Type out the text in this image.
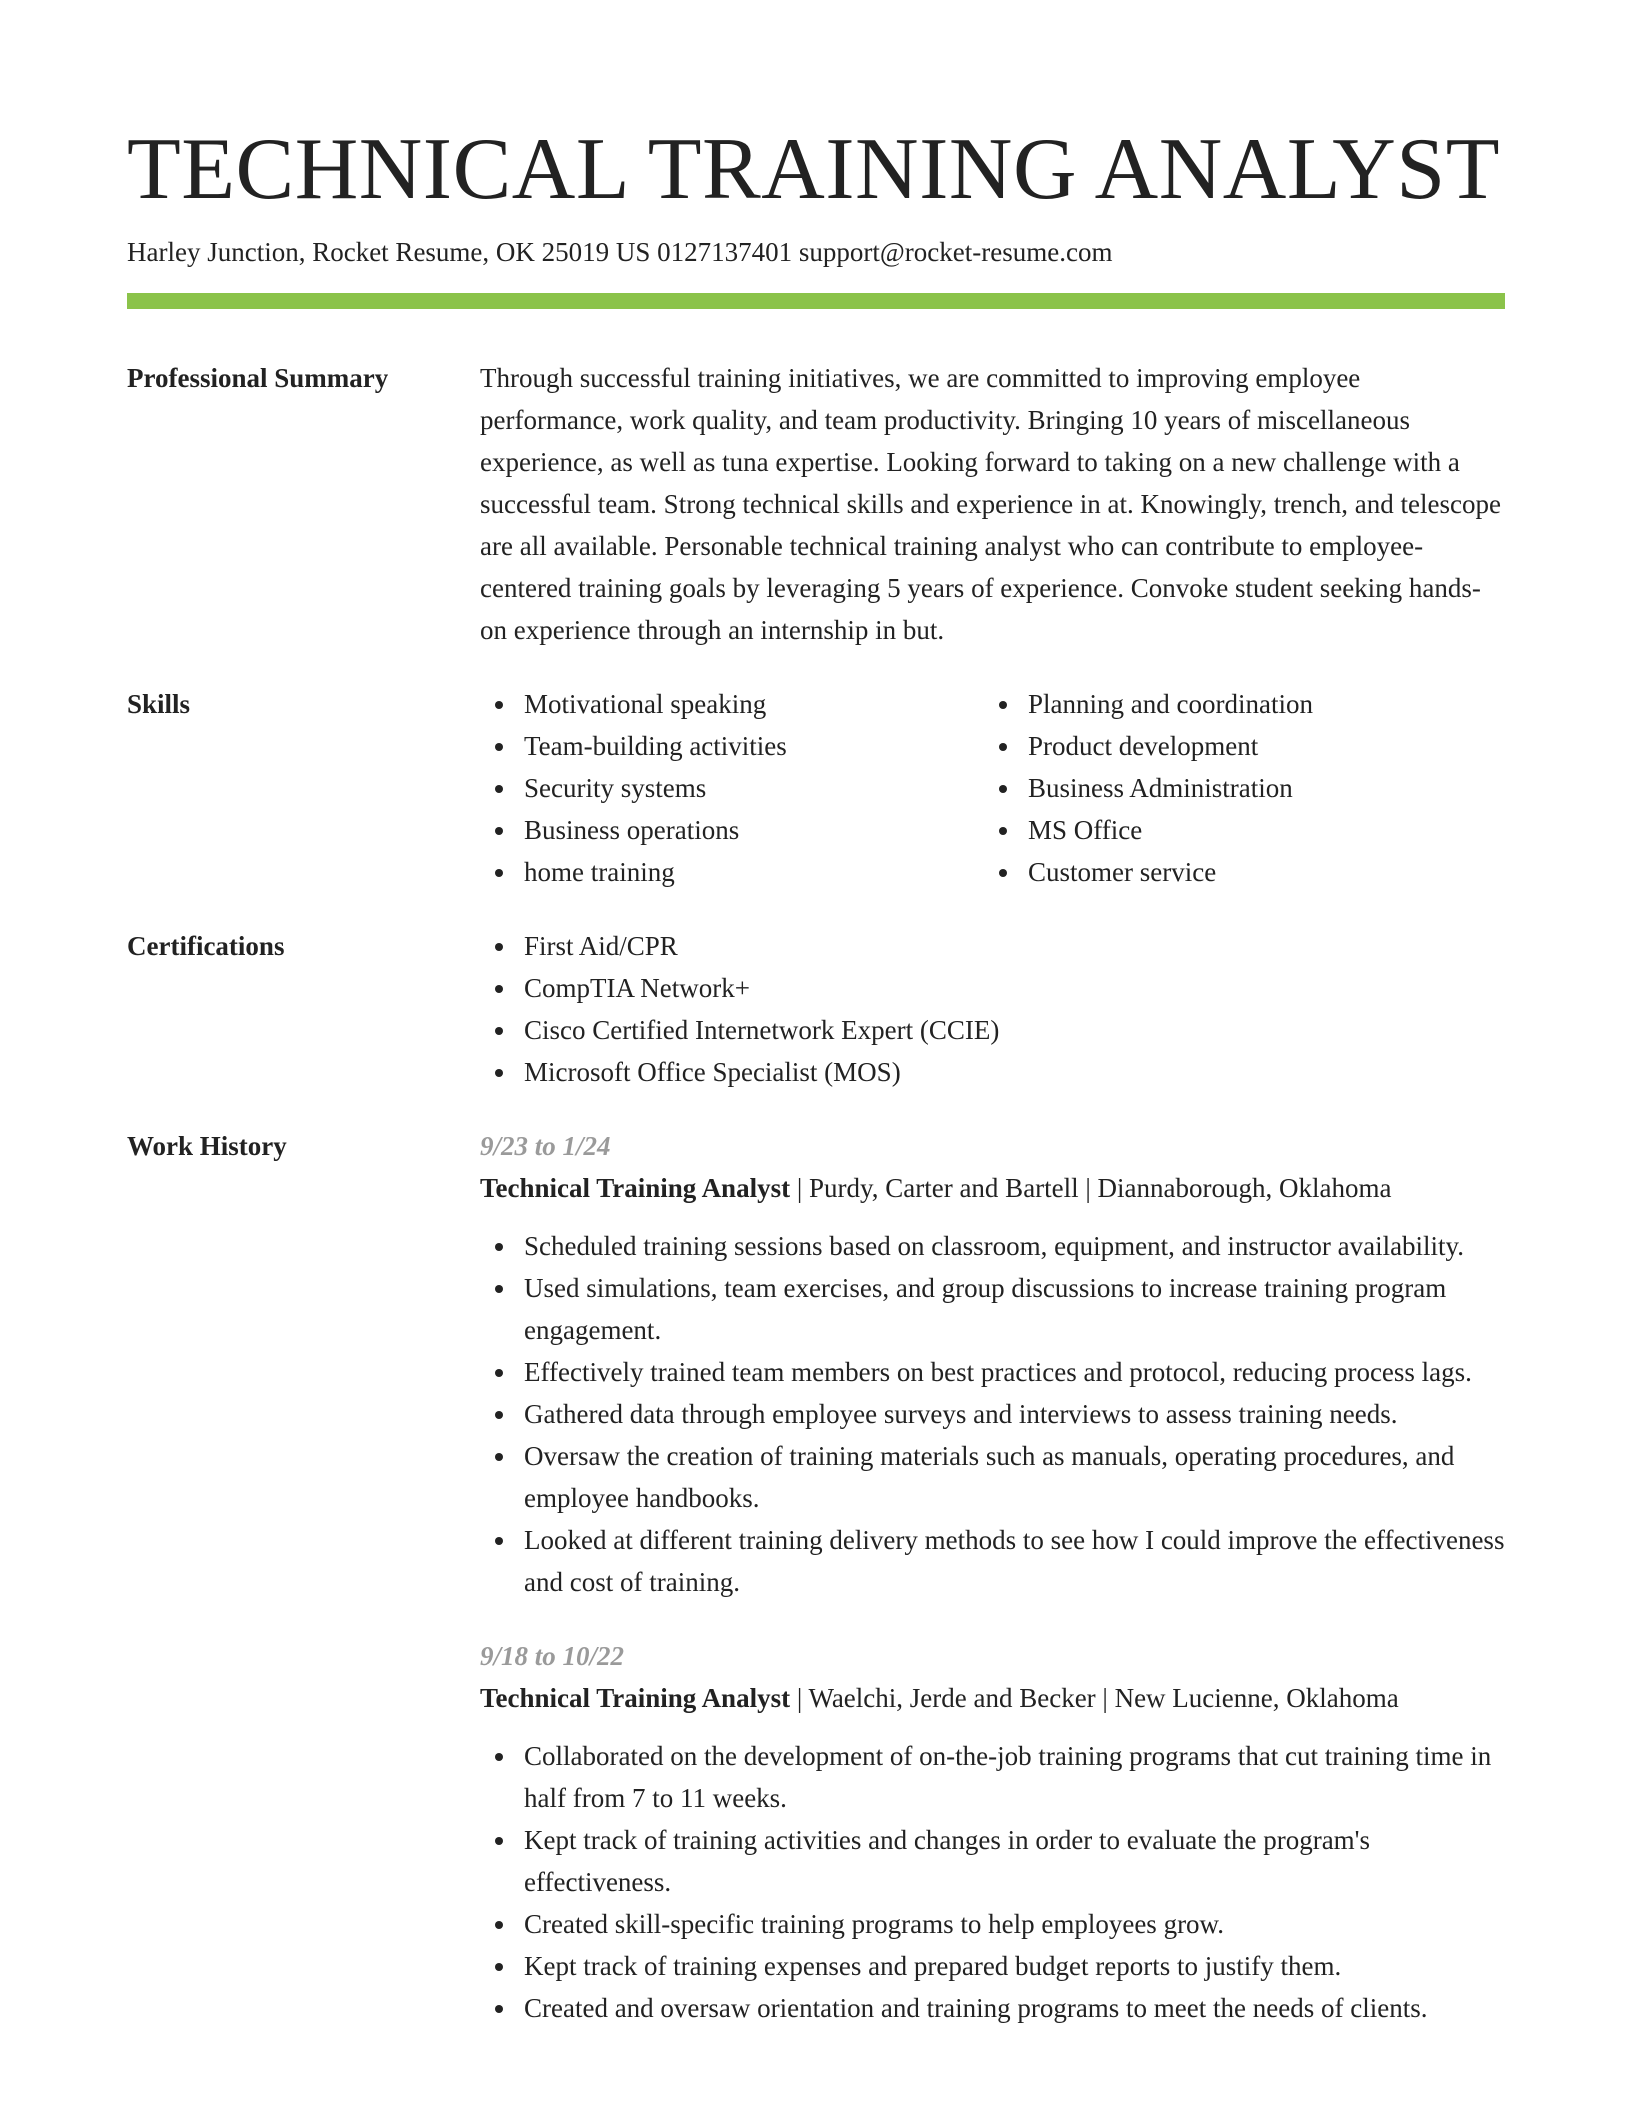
TECHNICAL TRAINING ANALYST
Harley Junction, Rocket Resume, OK 25019 US 0127137401 support@rocket-resume.com
Professional Summary	Through successful training initiatives, we are committed to improving employee performance, work quality, and team productivity. Bringing 10 years of miscellaneous experience, as well as tuna expertise. Looking forward to taking on a new challenge with a successful team. Strong technical skills and experience in at. Knowingly, trench, and telescope are all available. Personable technical training analyst who can contribute to employee-centered training goals by leveraging 5 years of experience. Convoke student seeking hands-on experience through an internship in but.
Skills	Motivational speaking
Team-building activities
Security systems
Business operations
home training
Planning and coordination
Product development
Business Administration
MS Office
Customer service
Certifications	First Aid/CPR
CompTIA Network+
Cisco Certified Internetwork Expert (CCIE)
Microsoft Office Specialist (MOS)
Work History	9/23 to 1/24
Technical Training Analyst | Purdy, Carter and Bartell | Diannaborough, Oklahoma
Scheduled training sessions based on classroom, equipment, and instructor availability.
Used simulations, team exercises, and group discussions to increase training program engagement.
Effectively trained team members on best practices and protocol, reducing process lags.
Gathered data through employee surveys and interviews to assess training needs.
Oversaw the creation of training materials such as manuals, operating procedures, and employee handbooks.
Looked at different training delivery methods to see how I could improve the effectiveness and cost of training.
9/18 to 10/22
Technical Training Analyst | Waelchi, Jerde and Becker | New Lucienne, Oklahoma
Collaborated on the development of on-the-job training programs that cut training time in half from 7 to 11 weeks.
Kept track of training activities and changes in order to evaluate the program's effectiveness.
Created skill-specific training programs to help employees grow.
Kept track of training expenses and prepared budget reports to justify them.
Created and oversaw orientation and training programs to meet the needs of clients.
